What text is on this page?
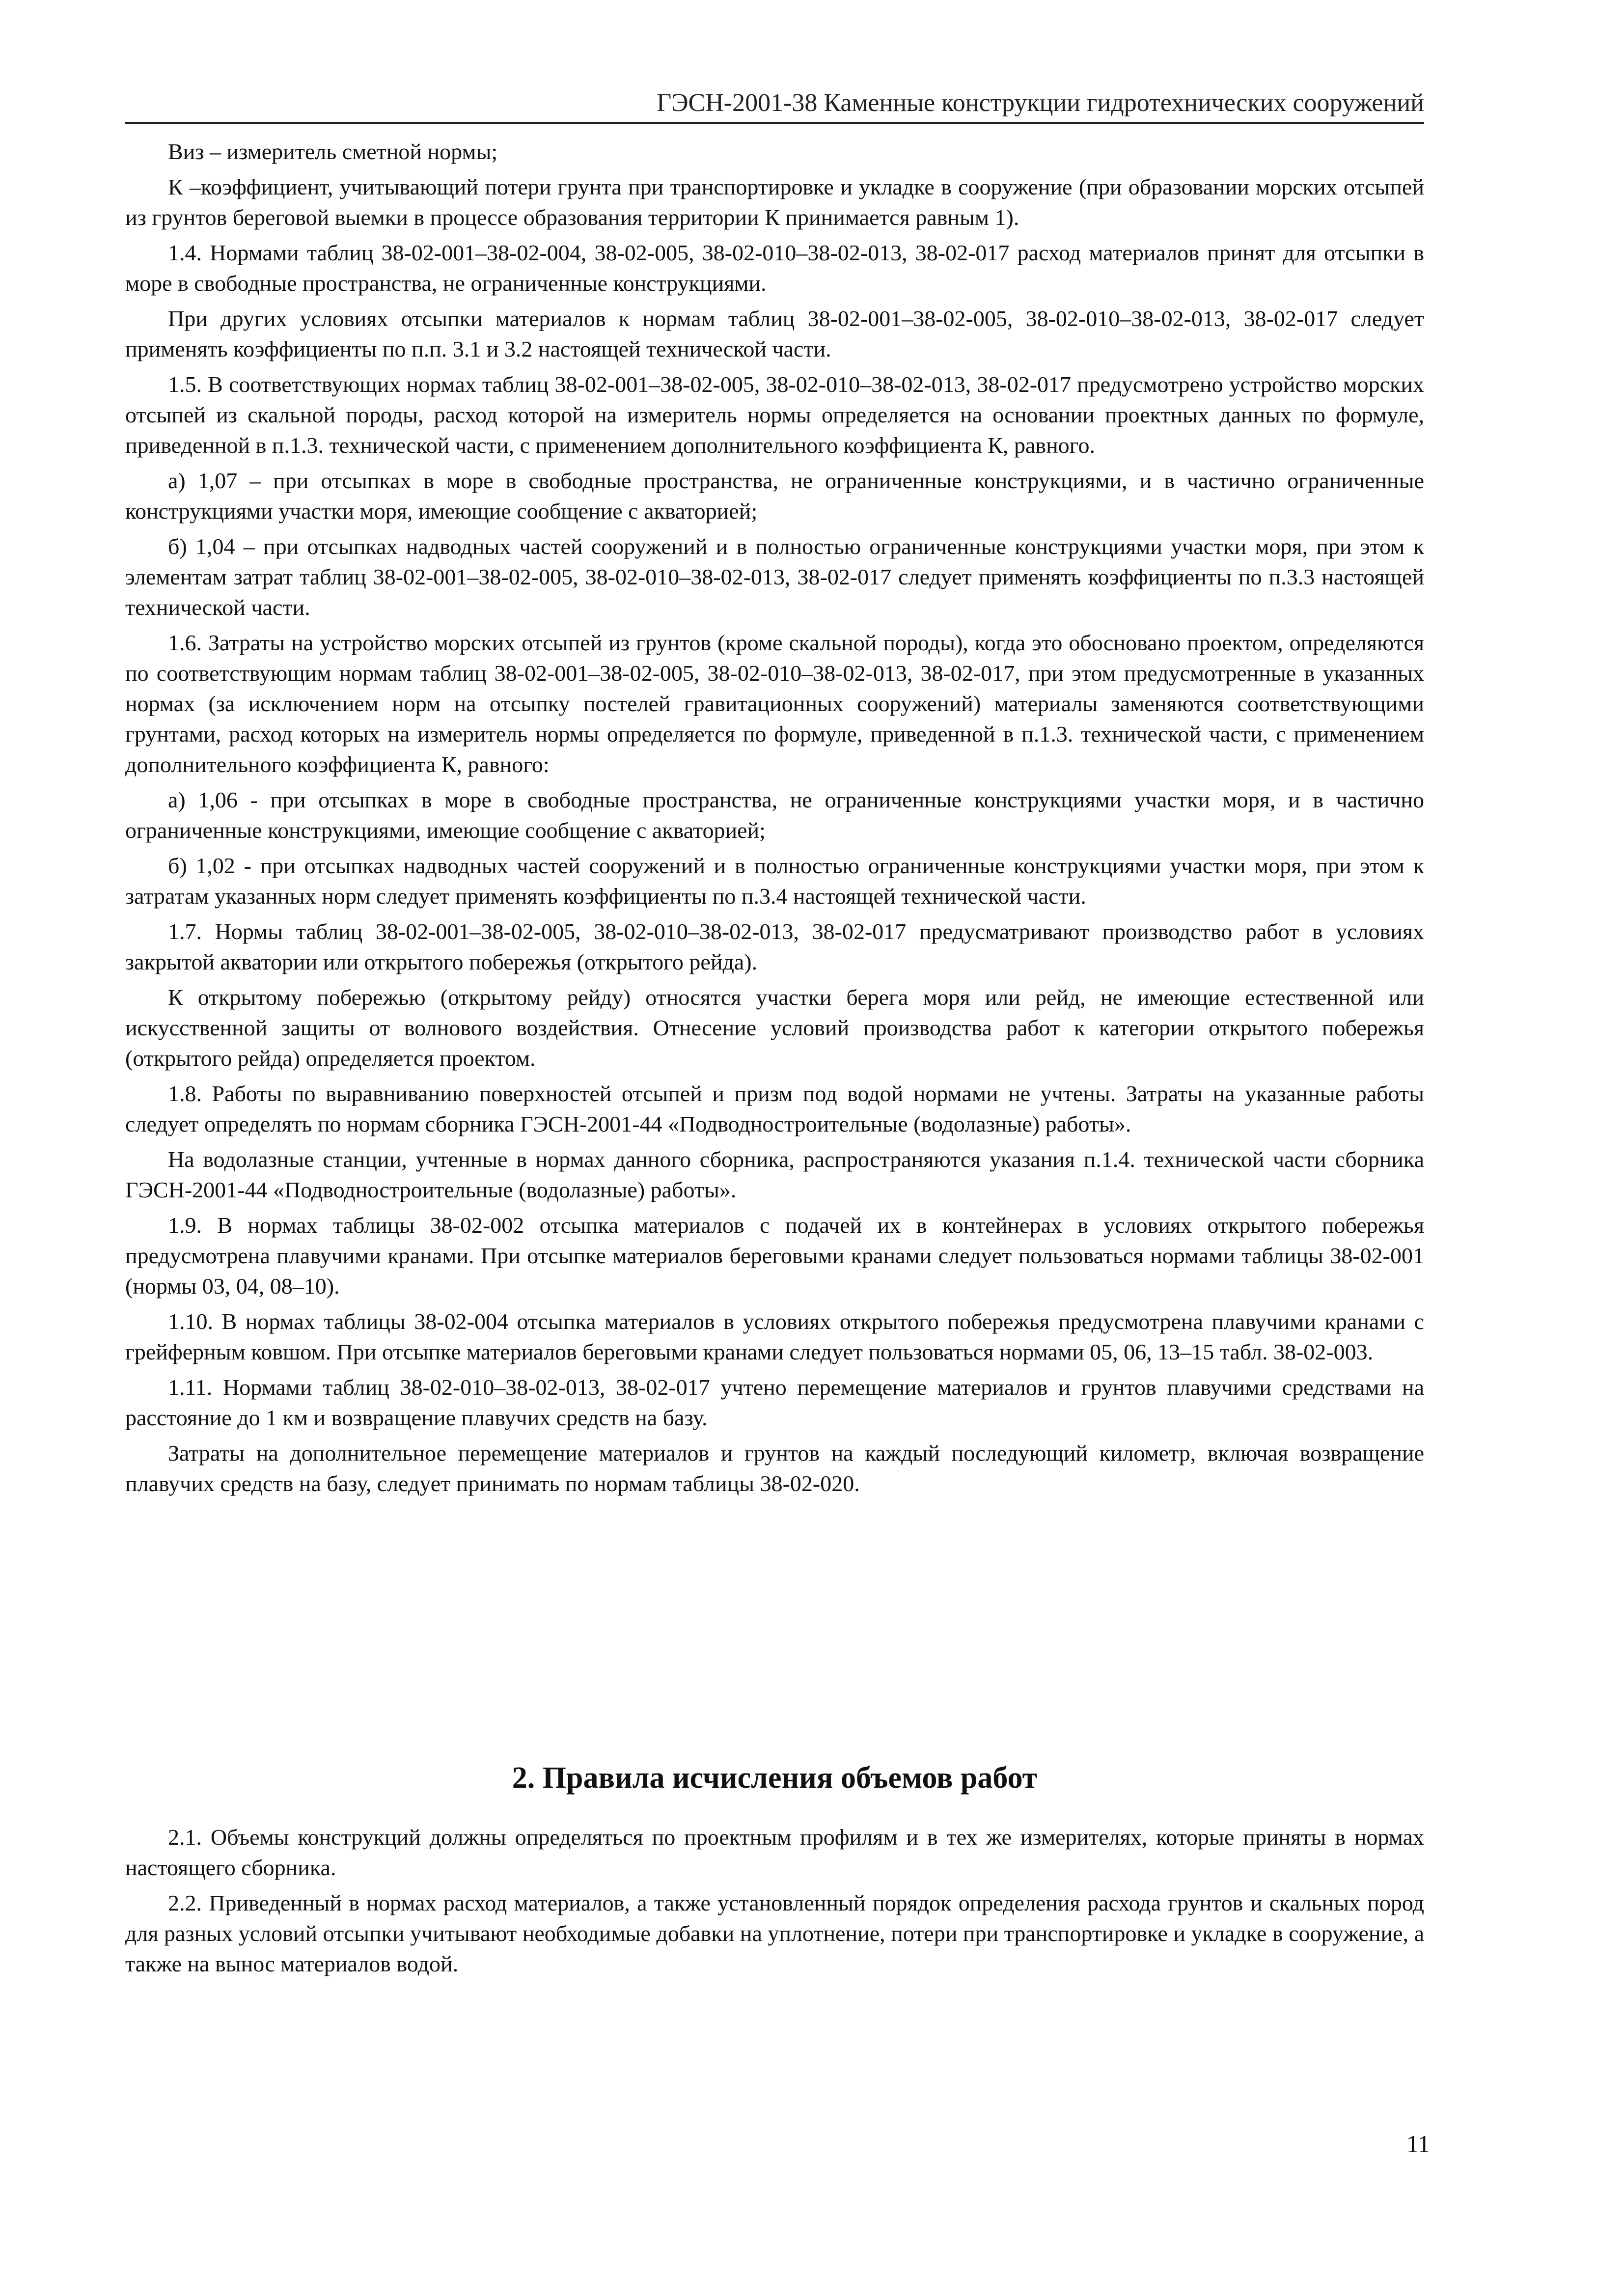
ГЭСН-2001-38 Каменные конструкции гидротехнических сооружений

Виз – измеритель сметной нормы;

К –коэффициент, учитывающий потери грунта при транспортировке и укладке в сооружение (при образовании морских отсыпей из грунтов береговой выемки в процессе образования территории К принимается равным 1).

1.4. Нормами таблиц 38-02-001–38-02-004, 38-02-005, 38-02-010–38-02-013, 38-02-017 расход материалов принят для отсыпки в море в свободные пространства, не ограниченные конструкциями.

При других условиях отсыпки материалов к нормам таблиц 38-02-001–38-02-005, 38-02-010–38-02-013, 38-02-017 следует применять коэффициенты по п.п. 3.1 и 3.2 настоящей технической части.

1.5. В соответствующих нормах таблиц 38-02-001–38-02-005, 38-02-010–38-02-013, 38-02-017 предусмотрено устройство морских отсыпей из скальной породы, расход которой на измеритель нормы определяется на основании проектных данных по формуле, приведенной в п.1.3. технической части, с применением дополнительного коэффициента К, равного.

а) 1,07 – при отсыпках в море в свободные пространства, не ограниченные конструкциями, и в частично ограниченные конструкциями участки моря, имеющие сообщение с акваторией;

б) 1,04 – при отсыпках надводных частей сооружений и в полностью ограниченные конструкциями участки моря, при этом к элементам затрат таблиц 38-02-001–38-02-005, 38-02-010–38-02-013, 38-02-017 следует применять коэффициенты по п.3.3 настоящей технической части.

1.6. Затраты на устройство морских отсыпей из грунтов (кроме скальной породы), когда это обосновано проектом, определяются по соответствующим нормам таблиц 38-02-001–38-02-005, 38-02-010–38-02-013, 38-02-017, при этом предусмотренные в указанных нормах (за исключением норм на отсыпку постелей гравитационных сооружений) материалы заменяются соответствующими грунтами, расход которых на измеритель нормы определяется по формуле, приведенной в п.1.3. технической части, с применением дополнительного коэффициента К, равного:

а) 1,06 - при отсыпках в море в свободные пространства, не ограниченные конструкциями участки моря, и в частично ограниченные конструкциями, имеющие сообщение с акваторией;

б) 1,02 - при отсыпках надводных частей сооружений и в полностью ограниченные конструкциями участки моря, при этом к затратам указанных норм следует применять коэффициенты по п.3.4 настоящей технической части.

1.7. Нормы таблиц 38-02-001–38-02-005, 38-02-010–38-02-013, 38-02-017 предусматривают производство работ в условиях закрытой акватории или открытого побережья (открытого рейда).

К открытому побережью (открытому рейду) относятся участки берега моря или рейд, не имеющие естественной или искусственной защиты от волнового воздействия. Отнесение условий производства работ к категории открытого побережья (открытого рейда) определяется проектом.

1.8. Работы по выравниванию поверхностей отсыпей и призм под водой нормами не учтены. Затраты на указанные работы следует определять по нормам сборника ГЭСН-2001-44 «Подводностроительные (водолазные) работы».

На водолазные станции, учтенные в нормах данного сборника, распространяются указания п.1.4. технической части сборника ГЭСН-2001-44 «Подводностроительные (водолазные) работы».

1.9. В нормах таблицы 38-02-002 отсыпка материалов с подачей их в контейнерах в условиях открытого побережья предусмотрена плавучими кранами. При отсыпке материалов береговыми кранами следует пользоваться нормами таблицы 38-02-001 (нормы 03, 04, 08–10).

1.10. В нормах таблицы 38-02-004 отсыпка материалов в условиях открытого побережья предусмотрена плавучими кранами с грейферным ковшом. При отсыпке материалов береговыми кранами следует пользоваться нормами 05, 06, 13–15 табл. 38-02-003.

1.11. Нормами таблиц 38-02-010–38-02-013, 38-02-017 учтено перемещение материалов и грунтов плавучими средствами на расстояние до 1 км и возвращение плавучих средств на базу.

Затраты на дополнительное перемещение материалов и грунтов на каждый последующий километр, включая возвращение плавучих средств на базу, следует принимать по нормам таблицы 38-02-020.

2. Правила исчисления объемов работ

2.1. Объемы конструкций должны определяться по проектным профилям и в тех же измерителях, которые приняты в нормах настоящего сборника.

2.2. Приведенный в нормах расход материалов, а также установленный порядок определения расхода грунтов и скальных пород для разных условий отсыпки учитывают необходимые добавки на уплотнение, потери при транспортировке и укладке в сооружение, а также на вынос материалов водой.

11
